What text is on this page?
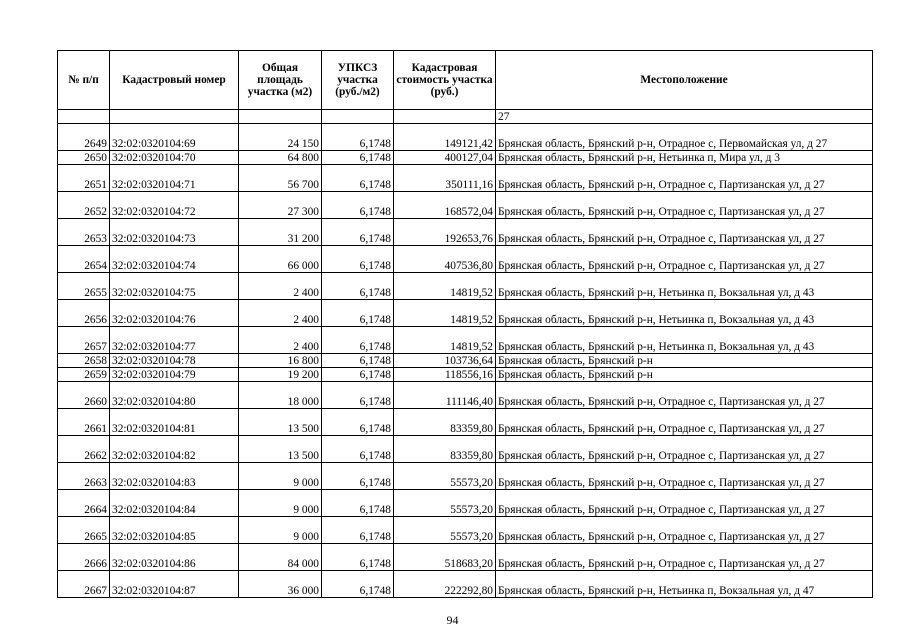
№ п/п	Кадастровый номер	Общая площадь участка (м2)	УПКСЗ участка (руб./м2)	Кадастровая стоимость участка (руб.)	Местоположение
					27
2649	32:02:0320104:69	24 150	6,1748	149121,42	Брянская область, Брянский р-н, Отрадное с, Первомайская ул, д 27
2650	32:02:0320104:70	64 800	6,1748	400127,04	Брянская область, Брянский р-н, Нетьинка п, Мира ул, д 3
2651	32:02:0320104:71	56 700	6,1748	350111,16	Брянская область, Брянский р-н, Отрадное с, Партизанская ул, д 27
2652	32:02:0320104:72	27 300	6,1748	168572,04	Брянская область, Брянский р-н, Отрадное с, Партизанская ул, д 27
2653	32:02:0320104:73	31 200	6,1748	192653,76	Брянская область, Брянский р-н, Отрадное с, Партизанская ул, д 27
2654	32:02:0320104:74	66 000	6,1748	407536,80	Брянская область, Брянский р-н, Отрадное с, Партизанская ул, д 27
2655	32:02:0320104:75	2 400	6,1748	14819,52	Брянская область, Брянский р-н, Нетьинка п, Вокзальная ул, д 43
2656	32:02:0320104:76	2 400	6,1748	14819,52	Брянская область, Брянский р-н, Нетьинка п, Вокзальная ул, д 43
2657	32:02:0320104:77	2 400	6,1748	14819,52	Брянская область, Брянский р-н, Нетьинка п, Вокзальная ул, д 43
2658	32:02:0320104:78	16 800	6,1748	103736,64	Брянская область, Брянский р-н
2659	32:02:0320104:79	19 200	6,1748	118556,16	Брянская область, Брянский р-н
2660	32:02:0320104:80	18 000	6,1748	111146,40	Брянская область, Брянский р-н, Отрадное с, Партизанская ул, д 27
2661	32:02:0320104:81	13 500	6,1748	83359,80	Брянская область, Брянский р-н, Отрадное с, Партизанская ул, д 27
2662	32:02:0320104:82	13 500	6,1748	83359,80	Брянская область, Брянский р-н, Отрадное с, Партизанская ул, д 27
2663	32:02:0320104:83	9 000	6,1748	55573,20	Брянская область, Брянский р-н, Отрадное с, Партизанская ул, д 27
2664	32:02:0320104:84	9 000	6,1748	55573,20	Брянская область, Брянский р-н, Отрадное с, Партизанская ул, д 27
2665	32:02:0320104:85	9 000	6,1748	55573,20	Брянская область, Брянский р-н, Отрадное с, Партизанская ул, д 27
2666	32:02:0320104:86	84 000	6,1748	518683,20	Брянская область, Брянский р-н, Отрадное с, Партизанская ул, д 27
2667	32:02:0320104:87	36 000	6,1748	222292,80	Брянская область, Брянский р-н, Нетьинка п, Вокзальная ул, д 47
94
